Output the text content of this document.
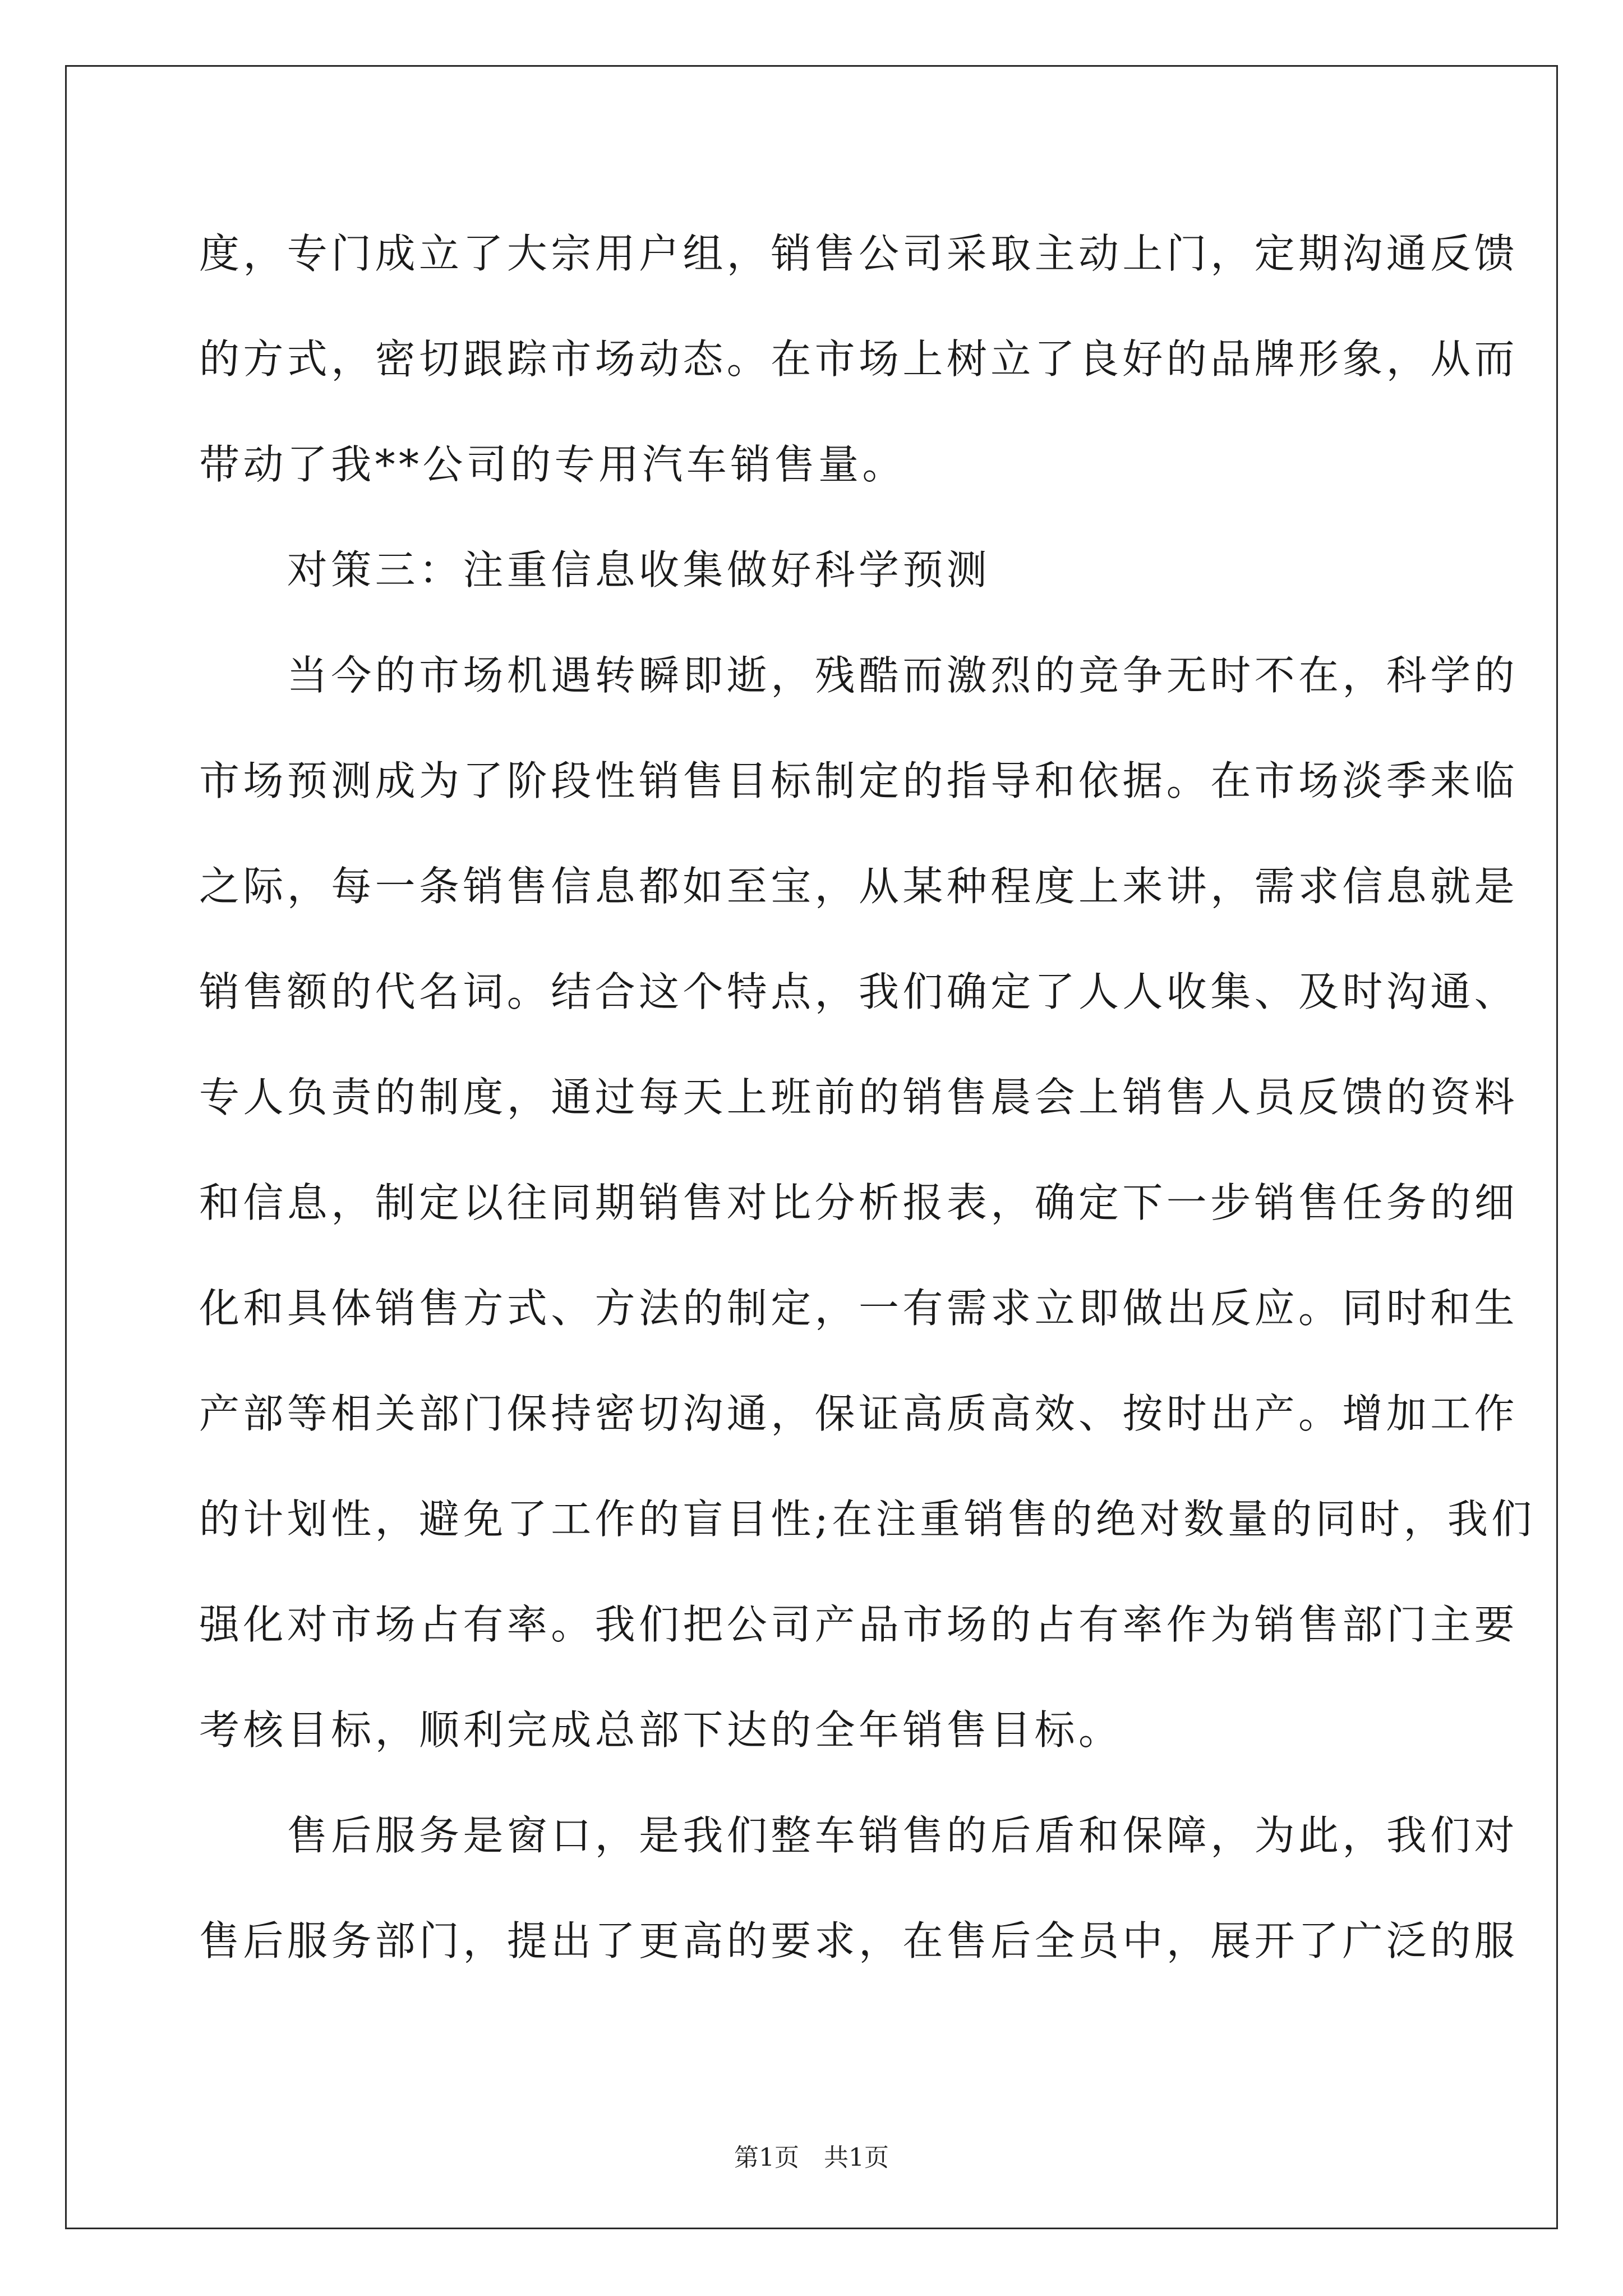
度，专门成立了大宗用户组，销售公司采取主动上门，定期沟通反馈
的方式，密切跟踪市场动态。在市场上树立了良好的品牌形象，从而
带动了我**公司的专用汽车销售量。
　　对策三：注重信息收集做好科学预测
　　当今的市场机遇转瞬即逝，残酷而激烈的竞争无时不在，科学的
市场预测成为了阶段性销售目标制定的指导和依据。在市场淡季来临
之际，每一条销售信息都如至宝，从某种程度上来讲，需求信息就是
销售额的代名词。结合这个特点，我们确定了人人收集、及时沟通、
专人负责的制度，通过每天上班前的销售晨会上销售人员反馈的资料
和信息，制定以往同期销售对比分析报表，确定下一步销售任务的细
化和具体销售方式、方法的制定，一有需求立即做出反应。同时和生
产部等相关部门保持密切沟通，保证高质高效、按时出产。增加工作
的计划性，避免了工作的盲目性;在注重销售的绝对数量的同时，我们
强化对市场占有率。我们把公司产品市场的占有率作为销售部门主要
考核目标，顺利完成总部下达的全年销售目标。
　　售后服务是窗口，是我们整车销售的后盾和保障，为此，我们对
售后服务部门，提出了更高的要求，在售后全员中，展开了广泛的服
第1页　共1页
